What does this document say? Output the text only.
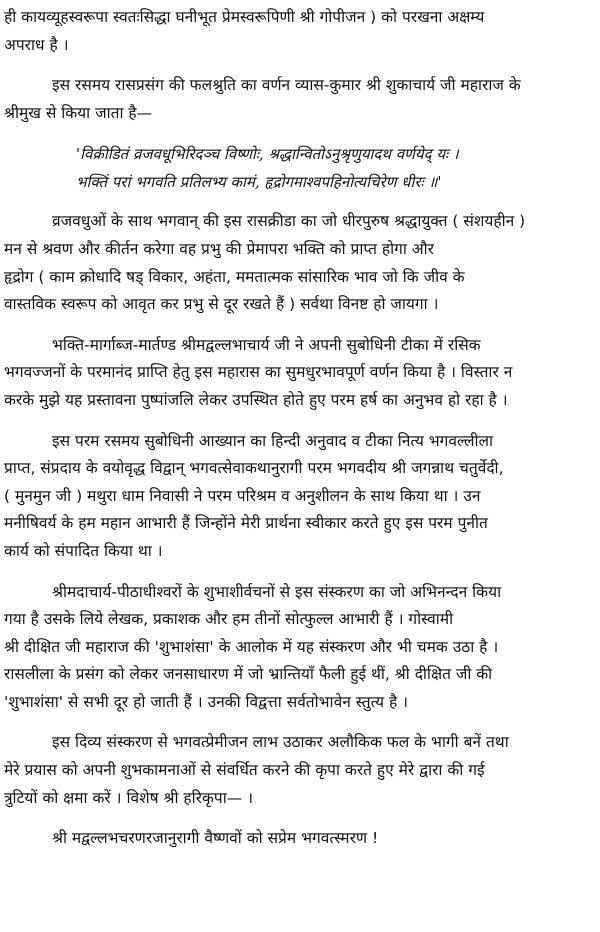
ही कायव्यूहस्वरूपा स्वतःसिद्धा घनीभूत प्रेमस्वरूपिणी श्री गोपीजन ) को परखना अक्षम्य
अपराध है ।
इस रसमय रासप्रसंग की फलश्रुति का वर्णन व्यास-कुमार श्री शुकाचार्य जी महाराज के
श्रीमुख से किया जाता है—
'विक्रीडितं व्रजवधूभिरिदञ्च विष्णोः, श्रद्धान्वितोऽनुश्रृणुयादथ वर्णयेद् यः ।
भक्तिं परां भगवति प्रतिलभ्य कामं, हृद्रोगमाश्वपहिनोत्यचिरेण धीरः ॥'
व्रजवधुओं के साथ भगवान् की इस रासक्रीडा का जो धीरपुरुष श्रद्धायुक्त ( संशयहीन )
मन से श्रवण और कीर्तन करेगा वह प्रभु की प्रेमापरा भक्ति को प्राप्त होगा और
हृद्रोग ( काम क्रोधादि षड् विकार, अहंता, ममतात्मक सांसारिक भाव जो कि जीव के
वास्तविक स्वरूप को आवृत कर प्रभु से दूर रखते हैं ) सर्वथा विनष्ट हो जायगा ।
भक्ति-मार्गाब्ज-मार्तण्ड श्रीमद्वल्लभाचार्य जी ने अपनी सुबोधिनी टीका में रसिक
भगवज्जनों के परमानंद प्राप्ति हेतु इस महारास का सुमधुरभावपूर्ण वर्णन किया है । विस्तार न
करके मुझे यह प्रस्तावना पुष्पांजलि लेकर उपस्थित होते हुए परम हर्ष का अनुभव हो रहा है ।
इस परम रसमय सुबोधिनी आख्यान का हिन्दी अनुवाद व टीका नित्य भगवल्लीला
प्राप्त, संप्रदाय के वयोवृद्ध विद्वान् भगवत्सेवाकथानुरागी परम भगवदीय श्री जगन्नाथ चतुर्वेदी,
( मुनमुन जी ) मथुरा धाम निवासी ने परम परिश्रम व अनुशीलन के साथ किया था । उन
मनीषिवर्य के हम महान आभारी हैं जिन्होंने मेरी प्रार्थना स्वीकार करते हुए इस परम पुनीत
कार्य को संपादित किया था ।
श्रीमदाचार्य-पीठाधीश्वरों के शुभाशीर्वचनों से इस संस्करण का जो अभिनन्दन किया
गया है उसके लिये लेखक, प्रकाशक और हम तीनों सोत्फुल्ल आभारी हैं । गोस्वामी
श्री दीक्षित जी महाराज की 'शुभाशंसा' के आलोक में यह संस्करण और भी चमक उठा है ।
रासलीला के प्रसंग को लेकर जनसाधारण में जो भ्रान्तियाँ फैली हुई थीं, श्री दीक्षित जी की
'शुभाशंसा' से सभी दूर हो जाती हैं । उनकी विद्वत्ता सर्वतोभावेन स्तुत्य है ।
इस दिव्य संस्करण से भगवत्प्रेमीजन लाभ उठाकर अलौकिक फल के भागी बनें तथा
मेरे प्रयास को अपनी शुभकामनाओं से संवर्धित करने की कृपा करते हुए मेरे द्वारा की गई
त्रुटियों को क्षमा करें । विशेष श्री हरिकृपा— ।
श्री मद्वल्लभचरणरजानुरागी वैष्णवों को सप्रेम भगवत्स्मरण !
